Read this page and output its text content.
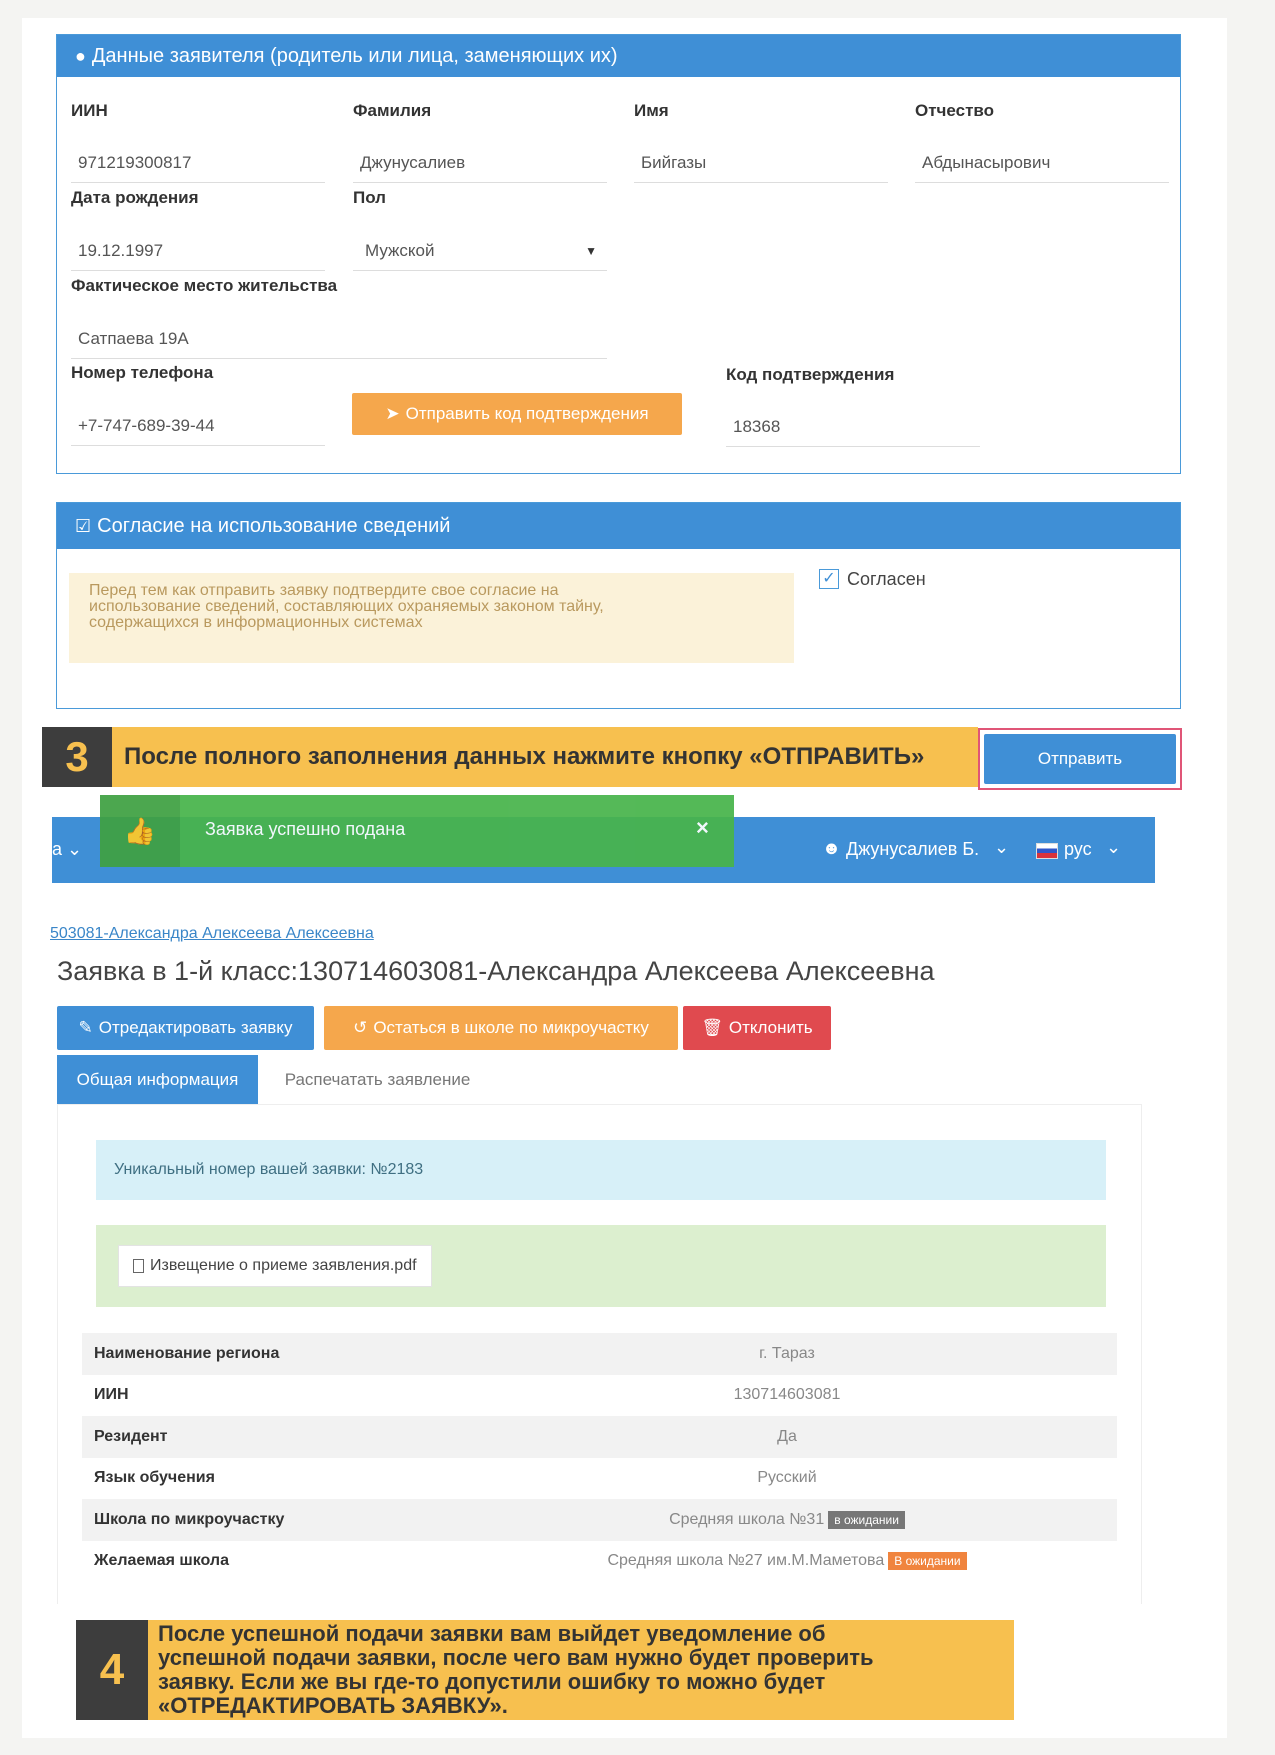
● Данные заявителя (родитель или лица, заменяющих их)
ИИН
971219300817
Фамилия
Джунусалиев
Имя
Бийгазы
Отчество
Абдынасырович
Дата рождения
19.12.1997
Пол
Мужской	▼
Фактическое место жительства
Сатпаева 19А
Номер телефона
+7-747-689-39-44
➤ Отправить код подтверждения
Код подтверждения
18368
☑ Согласие на использование сведений
Перед тем как отправить заявку подтвердите свое согласие на
использование сведений, составляющих охраняемых законом тайну,
содержащихся в информационных системах
✓ Согласен
3	После полного заполнения данных нажмите кнопку «ОТПРАВИТЬ»	Отправить
а ⌄	☻ Джунусалиев Б. ⌄	рус ⌄
👍	Заявка успешно подана	×
503081-Александра Алексеева Алексеевна
Заявка в 1-й класс:130714603081-Александра Алексеева Алексеевна
✎ Отредактировать заявку	↺ Остаться в школе по микроучастку	🗑 Отклонить
Общая информация	Распечатать заявление
Уникальный номер вашей заявки: №2183
Извещение о приеме заявления.pdf
Наименование региона	г. Тараз
ИИН	130714603081
Резидент	Да
Язык обучения	Русский
Школа по микроучастку	Средняя школа №31 в ожидании
Желаемая школа	Средняя школа №27 им.М.Маметова В ожидании
4
После успешной подачи заявки вам выйдет уведомление об
успешной подачи заявки, после чего вам нужно будет проверить
заявку. Если же вы где-то допустили ошибку то можно будет
«ОТРЕДАКТИРОВАТЬ ЗАЯВКУ».
